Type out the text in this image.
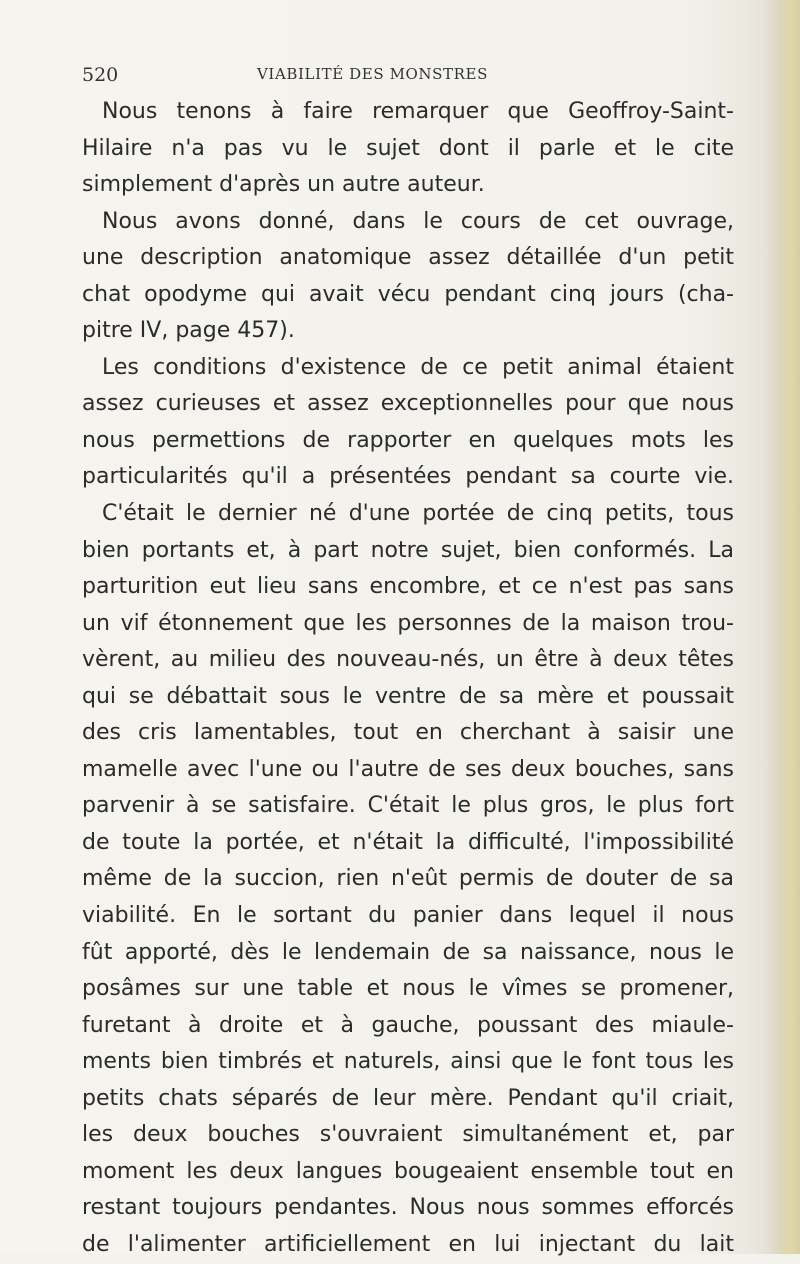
520	VIABILITÉ DES MONSTRES
Nous tenons à faire remarquer que Geoffroy-Saint-
Hilaire n'a pas vu le sujet dont il parle et le cite
simplement d'après un autre auteur.
Nous avons donné, dans le cours de cet ouvrage,
une description anatomique assez détaillée d'un petit
chat opodyme qui avait vécu pendant cinq jours (cha-
pitre IV, page 457).
Les conditions d'existence de ce petit animal étaient
assez curieuses et assez exceptionnelles pour que nous
nous permettions de rapporter en quelques mots les
particularités qu'il a présentées pendant sa courte vie.
C'était le dernier né d'une portée de cinq petits, tous
bien portants et, à part notre sujet, bien conformés. La
parturition eut lieu sans encombre, et ce n'est pas sans
un vif étonnement que les personnes de la maison trou-
vèrent, au milieu des nouveau-nés, un être à deux têtes
qui se débattait sous le ventre de sa mère et poussait
des cris lamentables, tout en cherchant à saisir une
mamelle avec l'une ou l'autre de ses deux bouches, sans
parvenir à se satisfaire. C'était le plus gros, le plus fort
de toute la portée, et n'était la difficulté, l'impossibilité
même de la succion, rien n'eût permis de douter de sa
viabilité. En le sortant du panier dans lequel il nous
fût apporté, dès le lendemain de sa naissance, nous le
posâmes sur une table et nous le vîmes se promener,
furetant à droite et à gauche, poussant des miaule-
ments bien timbrés et naturels, ainsi que le font tous les
petits chats séparés de leur mère. Pendant qu'il criait,
les deux bouches s'ouvraient simultanément et, par
moment les deux langues bougeaient ensemble tout en
restant toujours pendantes. Nous nous sommes efforcés
de l'alimenter artificiellement en lui injectant du lait
